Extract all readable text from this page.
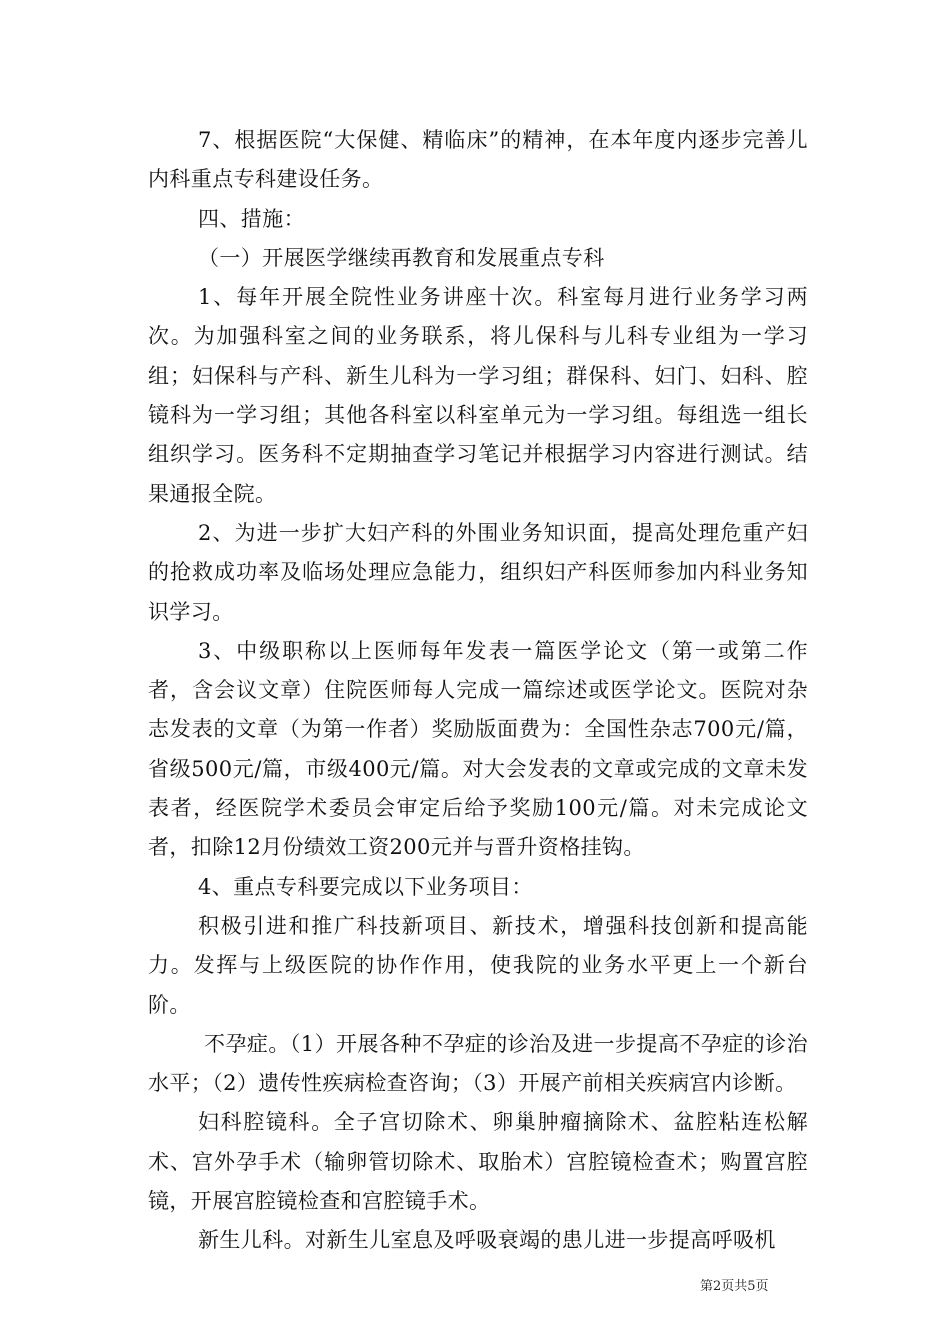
7、根据医院“大保健、精临床”的精神，在本年度内逐步完善儿内科重点专科建设任务。

四、措施：

（一）开展医学继续再教育和发展重点专科

1、每年开展全院性业务讲座十次。科室每月进行业务学习两次。为加强科室之间的业务联系，将儿保科与儿科专业组为一学习组；妇保科与产科、新生儿科为一学习组；群保科、妇门、妇科、腔镜科为一学习组；其他各科室以科室单元为一学习组。每组选一组长组织学习。医务科不定期抽查学习笔记并根据学习内容进行测试。结果通报全院。

2、为进一步扩大妇产科的外围业务知识面，提高处理危重产妇的抢救成功率及临场处理应急能力，组织妇产科医师参加内科业务知识学习。

3、中级职称以上医师每年发表一篇医学论文（第一或第二作者，含会议文章）住院医师每人完成一篇综述或医学论文。医院对杂志发表的文章（为第一作者）奖励版面费为：全国性杂志700元/篇，省级500元/篇，市级400元/篇。对大会发表的文章或完成的文章未发表者，经医院学术委员会审定后给予奖励100元/篇。对未完成论文者，扣除12月份绩效工资200元并与晋升资格挂钩。

4、重点专科要完成以下业务项目：

积极引进和推广科技新项目、新技术，增强科技创新和提高能力。发挥与上级医院的协作作用，使我院的业务水平更上一个新台阶。

不孕症。（1）开展各种不孕症的诊治及进一步提高不孕症的诊治水平；（2）遗传性疾病检查咨询；（3）开展产前相关疾病宫内诊断。

妇科腔镜科。全子宫切除术、卵巢肿瘤摘除术、盆腔粘连松解术、宫外孕手术（输卵管切除术、取胎术）宫腔镜检查术；购置宫腔镜，开展宫腔镜检查和宫腔镜手术。

新生儿科。对新生儿室息及呼吸衰竭的患儿进一步提高呼吸机

第2页共5页
